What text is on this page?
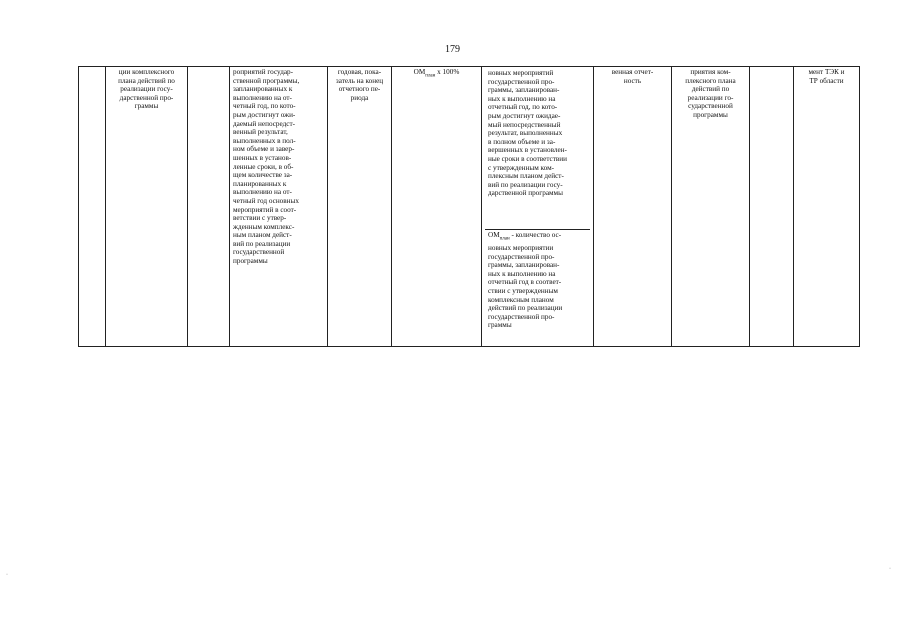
179
	ции комплексного
плана действий по
реализации госу-
дарственной про-
граммы		роприятий государ-
ственной программы,
запланированных к
выполнению на от-
четный год, по кото-
рым достигнут ожи-
даемый непосредст-
венный результат,
выполненных в пол-
ном объеме и завер-
шенных в установ-
ленные сроки, в об-
щем количестве за-
планированных к
выполнению на от-
четный год основных
мероприятий в соот-
ветствии с утвер-
жденным комплекс-
ным планом дейст-
вий по реализации
государственной
программы	годовая, пока-
затель на конец
отчетного пе-
риода	$ОМ_{план}$ x 100%	новных мероприятий
государственной про-
граммы, запланирован-
ных к выполнению на
отчетный год, по кото-
рым достигнут ожидае-
мый непосредственный
результат, выполненных
в полном объеме и за-
вершенных в установлен-
ные сроки в соответствии
с утвержденным ком-
плексным планом дейст-
вий по реализации госу-
дарственной программы
$ОМ_{план}$ - количество ос-
новных мероприятии
государственной про-
граммы, запланирован-
ных к выполнению на
отчетный год в соответ-
ствии с утвержденным
комплексным планом
действий по реализации
государственной про-
граммы
	венная отчет-
ность	приятия ком-
плексного плана
действий по
реализации го-
сударственной
программы		мент ТЭК и
ТР области
·
·
